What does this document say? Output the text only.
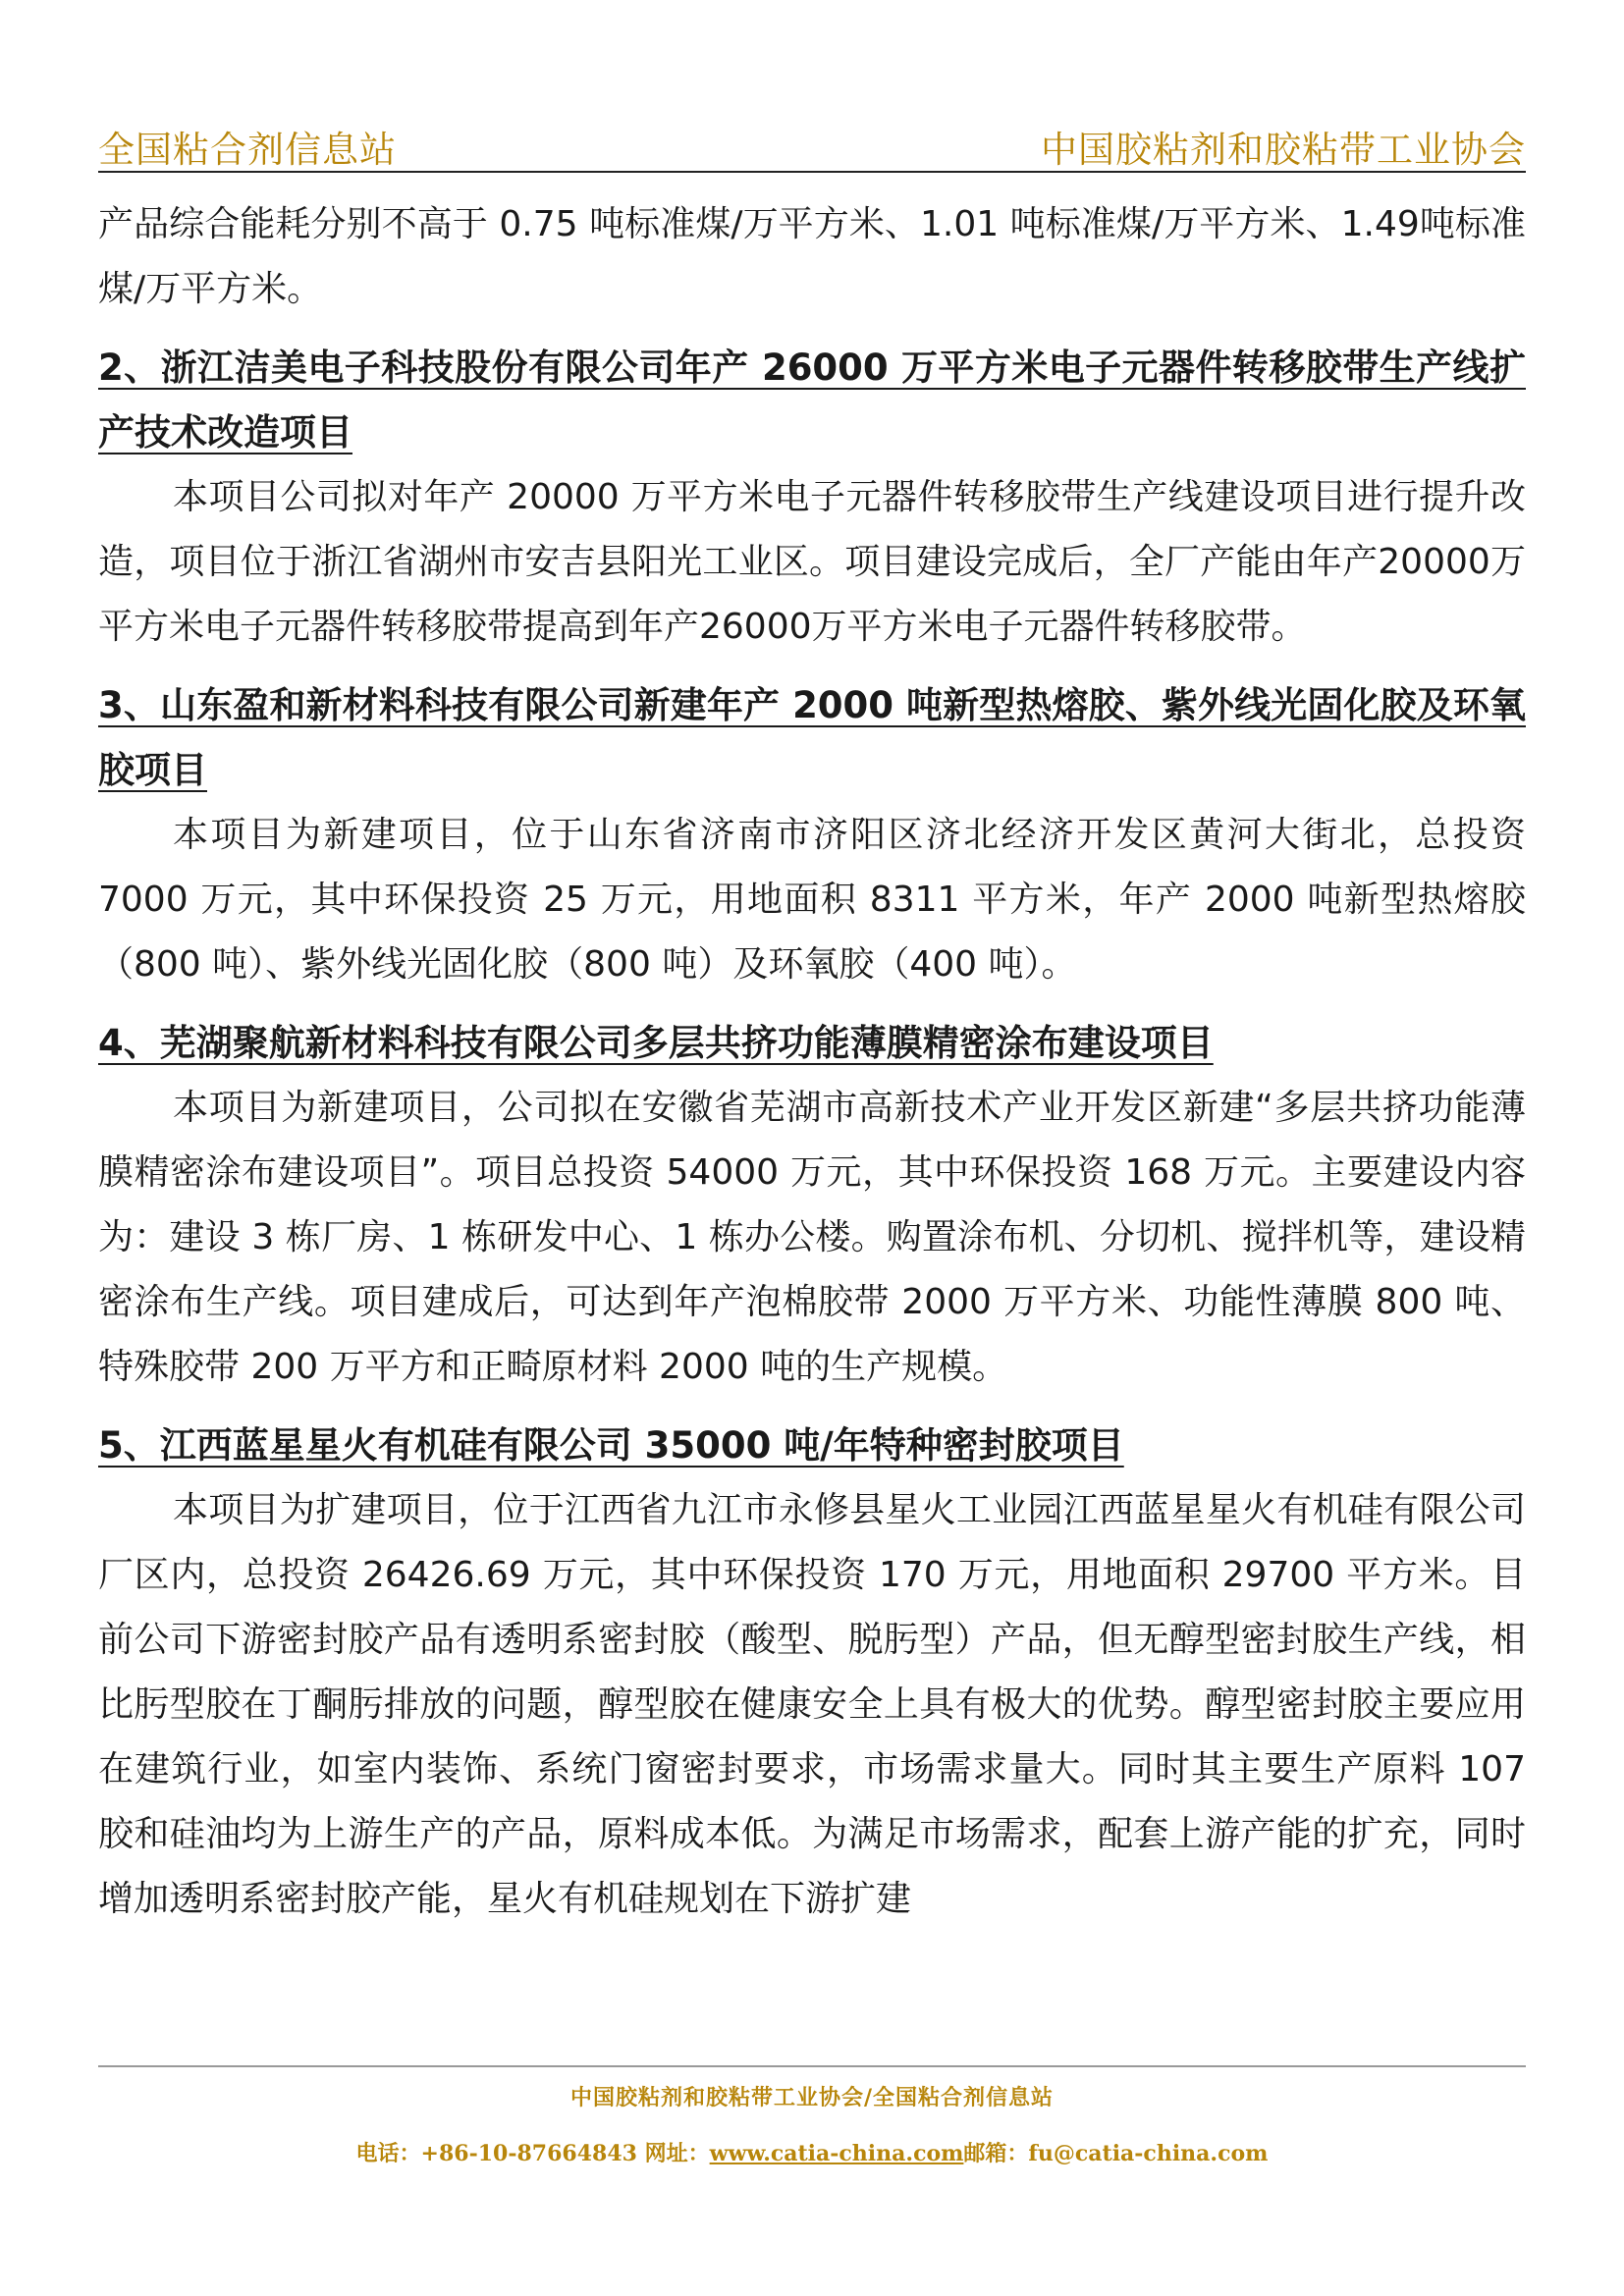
全国粘合剂信息站	中国胶粘剂和胶粘带工业协会

产品综合能耗分别不高于 0.75 吨标准煤/万平方米、1.01 吨标准煤/万平方米、1.49吨标准煤/万平方米。

2、浙江洁美电子科技股份有限公司年产 26000 万平方米电子元器件转移胶带生产线扩产技术改造项目

本项目公司拟对年产 20000 万平方米电子元器件转移胶带生产线建设项目进行提升改造，项目位于浙江省湖州市安吉县阳光工业区。项目建设完成后，全厂产能由年产20000万平方米电子元器件转移胶带提高到年产26000万平方米电子元器件转移胶带。

3、山东盈和新材料科技有限公司新建年产 2000 吨新型热熔胶、紫外线光固化胶及环氧胶项目

本项目为新建项目，位于山东省济南市济阳区济北经济开发区黄河大街北，总投资 7000 万元，其中环保投资 25 万元，用地面积 8311 平方米，年产 2000 吨新型热熔胶（800 吨）、紫外线光固化胶（800 吨）及环氧胶（400 吨）。

4、芜湖聚航新材料科技有限公司多层共挤功能薄膜精密涂布建设项目

本项目为新建项目，公司拟在安徽省芜湖市高新技术产业开发区新建“多层共挤功能薄膜精密涂布建设项目”。项目总投资 54000 万元，其中环保投资 168 万元。主要建设内容为：建设 3 栋厂房、1 栋研发中心、1 栋办公楼。购置涂布机、分切机、搅拌机等，建设精密涂布生产线。项目建成后，可达到年产泡棉胶带 2000 万平方米、功能性薄膜 800 吨、特殊胶带 200 万平方和正畸原材料 2000 吨的生产规模。

5、江西蓝星星火有机硅有限公司 35000 吨/年特种密封胶项目

本项目为扩建项目，位于江西省九江市永修县星火工业园江西蓝星星火有机硅有限公司厂区内，总投资 26426.69 万元，其中环保投资 170 万元，用地面积 29700 平方米。目前公司下游密封胶产品有透明系密封胶（酸型、脱肟型）产品，但无醇型密封胶生产线，相比肟型胶在丁酮肟排放的问题，醇型胶在健康安全上具有极大的优势。醇型密封胶主要应用在建筑行业，如室内装饰、系统门窗密封要求，市场需求量大。同时其主要生产原料 107 胶和硅油均为上游生产的产品，原料成本低。为满足市场需求，配套上游产能的扩充，同时增加透明系密封胶产能，星火有机硅规划在下游扩建

中国胶粘剂和胶粘带工业协会/全国粘合剂信息站
电话：+86-10-87664843 网址：www.catia-china.com邮箱：fu@catia-china.com
